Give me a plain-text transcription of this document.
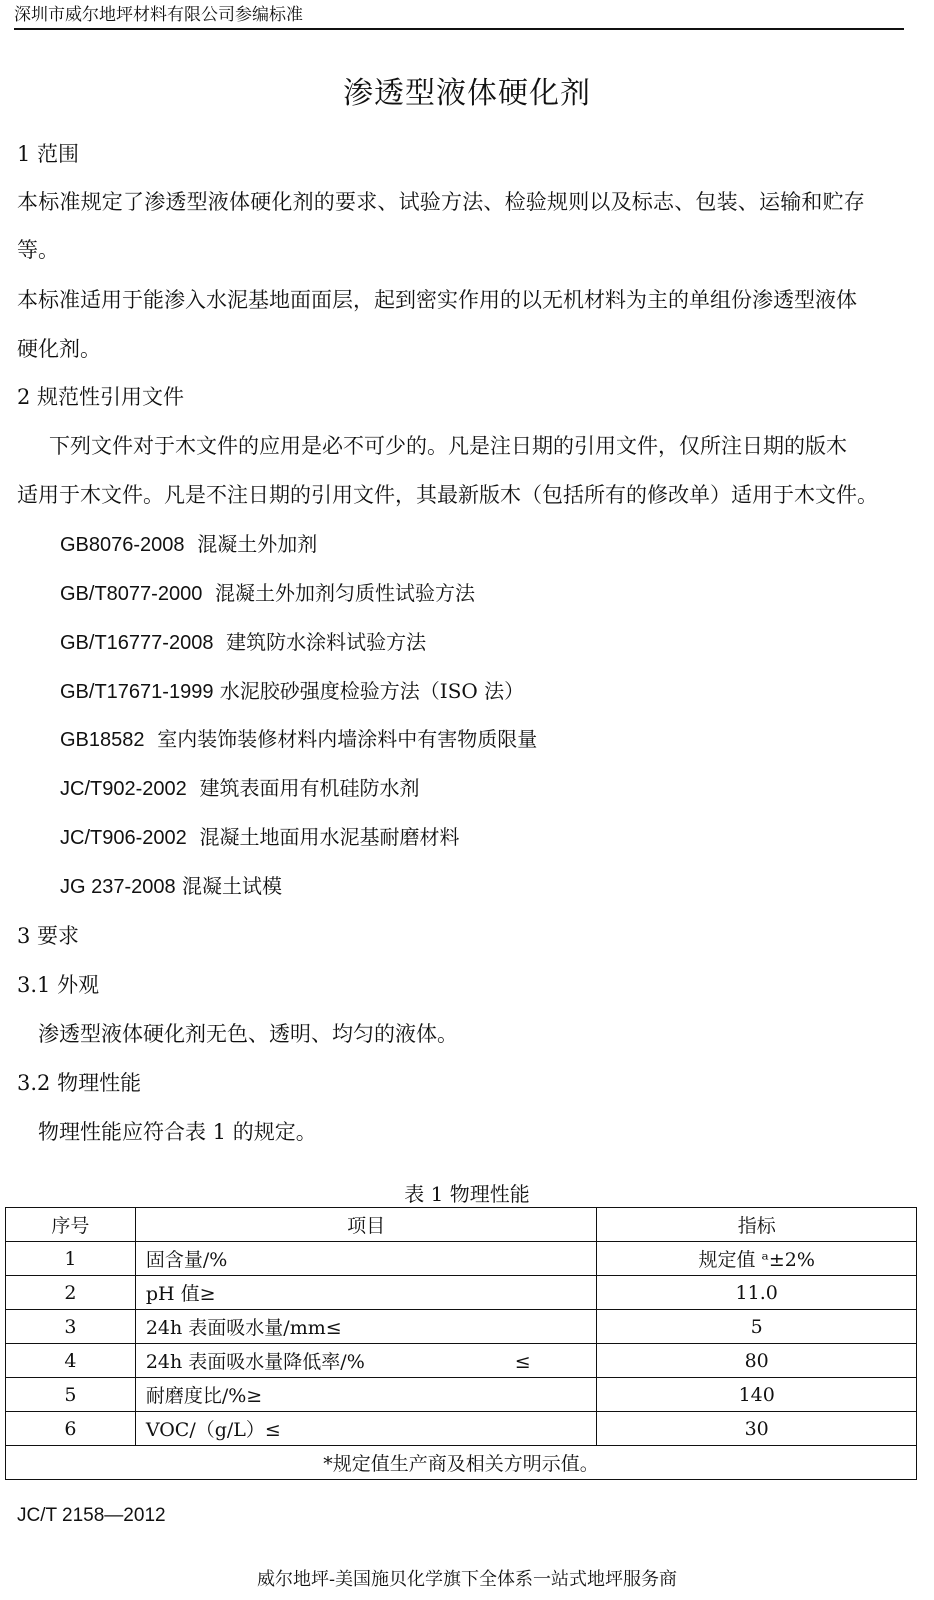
深圳市威尔地坪材料有限公司参编标准
渗透型液体硬化剂
1 范围
本标准规定了渗透型液体硬化剂的要求、试验方法、检验规则以及标志、包装、运输和贮存
等。
本标准适用于能渗入水泥基地面面层，起到密实作用的以无机材料为主的单组份渗透型液体
硬化剂。
2 规范性引用文件
下列文件对于木文件的应用是必不可少的。凡是注日期的引用文件，仅所注日期的版木
适用于木文件。凡是不注日期的引用文件，其最新版木（包括所有的修改单）适用于木文件。
GB8076-2008 混凝土外加剂
GB/T8077-2000 混凝土外加剂匀质性试验方法
GB/T16777-2008 建筑防水涂料试验方法
GB/T17671-1999 水泥胶砂强度检验方法（ISO 法）
GB18582 室内装饰装修材料内墙涂料中有害物质限量
JC/T902-2002 建筑表面用有机硅防水剂
JC/T906-2002 混凝土地面用水泥基耐磨材料
JG 237-2008 混凝土试模
3 要求
3.1 外观
渗透型液体硬化剂无色、透明、均匀的液体。
3.2 物理性能
物理性能应符合表 1 的规定。
表 1 物理性能
序号	项目	指标
1	固含量/%	规定值 ᵃ±2%
2	pH 值≥	11.0
3	24h 表面吸水量/mm≤	5
4	24h 表面吸水量降低率/% ≤	80
5	耐磨度比/%≥	140
6	VOC/（g/L）≤	30
*规定值生产商及相关方明示值。		
JC/T 2158—2012
威尔地坪-美国施贝化学旗下全体系一站式地坪服务商
